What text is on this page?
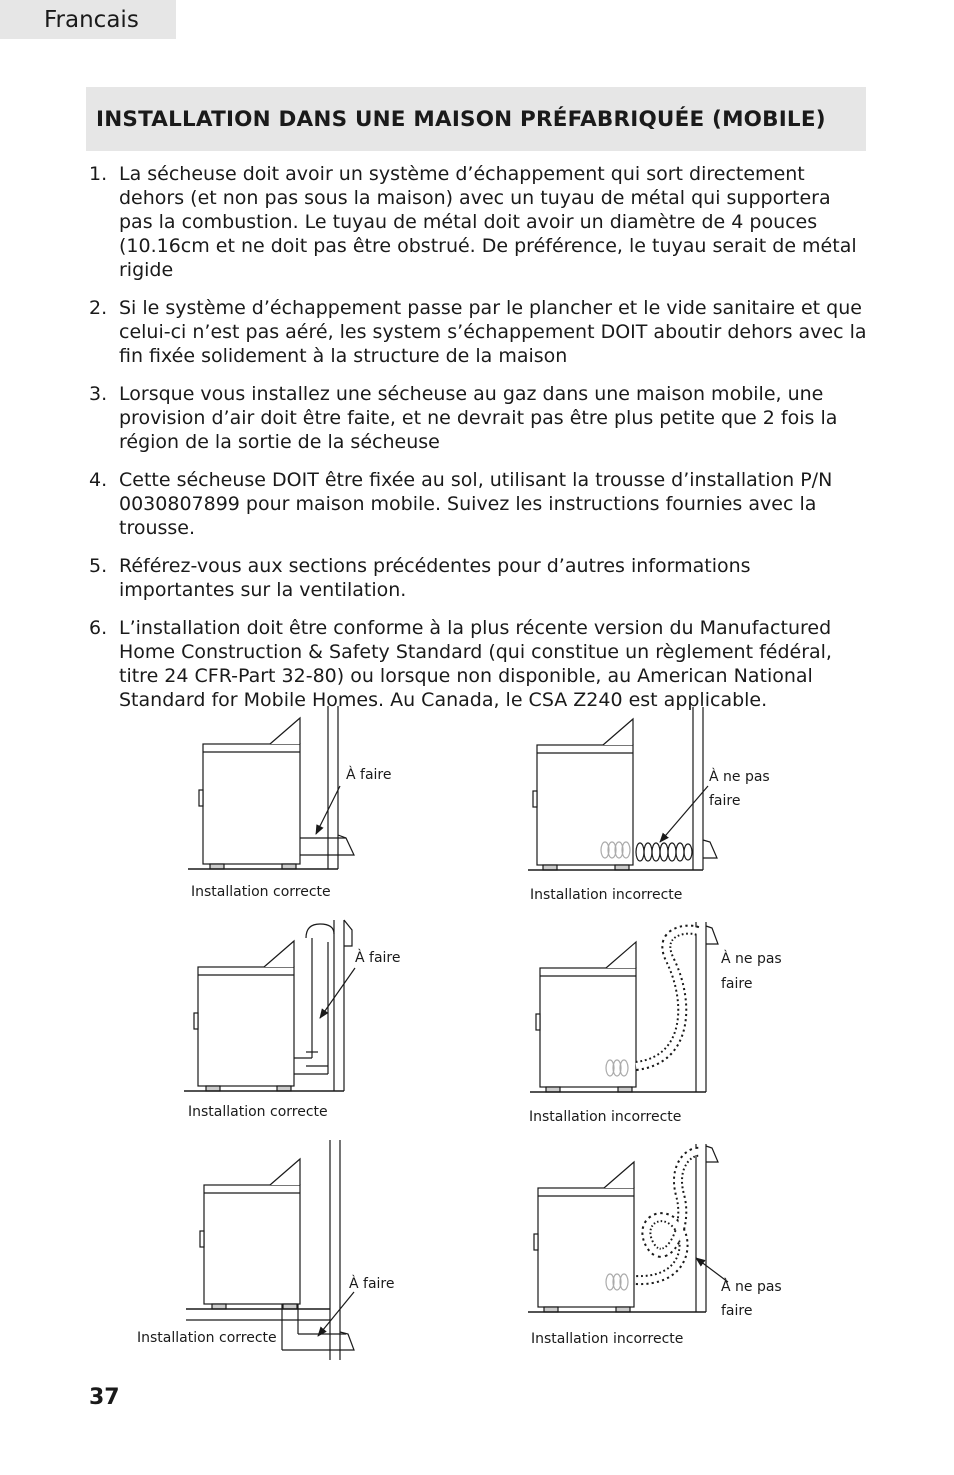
Francais
INSTALLATION DANS UNE MAISON PRÉFABRIQUÉE (MOBILE)
1. La sécheuse doit avoir un système d’échappement qui sort directement dehors (et non pas sous la maison) avec un tuyau de métal qui supportera pas la combustion. Le tuyau de métal doit avoir un diamètre de 4 pouces (10.16cm et ne doit pas être obstrué. De préférence, le tuyau serait de métal rigide
2. Si le système d’échappement passe par le plancher et le vide sanitaire et que celui-ci n’est pas aéré, les system s’échappement DOIT aboutir dehors avec la fin fixée solidement à la structure de la maison
3. Lorsque vous installez une sécheuse au gaz dans une maison mobile, une provision d’air doit être faite, et ne devrait pas être plus petite que 2 fois la région de la sortie de la sécheuse
4. Cette sécheuse DOIT être fixée au sol, utilisant la trousse d’installation P/N 0030807899 pour maison mobile. Suivez les instructions fournies avec la trousse.
5. Référez-vous aux sections précédentes pour d’autres informations importantes sur la ventilation.
6. L’installation doit être conforme à la plus récente version du Manufactured Home Construction & Safety Standard (qui constitue un règlement fédéral, titre 24 CFR-Part 32-80) ou lorsque non disponible, au American National Standard for Mobile Homes. Au Canada, le CSA Z240 est applicable.
À faire
Installation correcte
À ne pas
faire
Installation incorrecte
À faire
Installation correcte
À ne pas
faire
Installation incorrecte
À faire
Installation correcte
À ne pas
faire
Installation incorrecte
37
